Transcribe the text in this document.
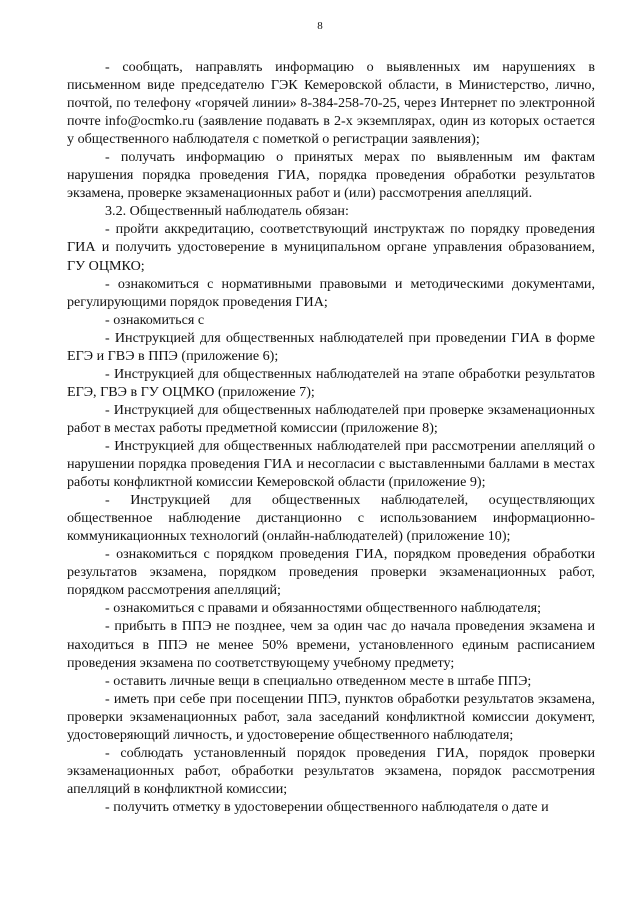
8

- сообщать, направлять информацию о выявленных им нарушениях в письменном виде председателю ГЭК Кемеровской области, в Министерство, лично, почтой, по телефону «горячей линии» 8-384-258-70-25, через Интернет по электронной почте info@ocmko.ru (заявление подавать в 2-х экземплярах, один из которых остается у общественного наблюдателя с пометкой о регистрации заявления);

- получать информацию о принятых мерах по выявленным им фактам нарушения порядка проведения ГИА, порядка проведения обработки результатов экзамена, проверке экзаменационных работ и (или) рассмотрения апелляций.

3.2. Общественный наблюдатель обязан:

- пройти аккредитацию, соответствующий инструктаж по порядку проведения ГИА и получить удостоверение в муниципальном органе управления образованием, ГУ ОЦМКО;

- ознакомиться с нормативными правовыми и методическими документами, регулирующими порядок проведения ГИА;

- ознакомиться с

- Инструкцией для общественных наблюдателей при проведении ГИА в форме ЕГЭ и ГВЭ в ППЭ (приложение 6);

- Инструкцией для общественных наблюдателей на этапе обработки результатов ЕГЭ, ГВЭ в ГУ ОЦМКО (приложение 7);

- Инструкцией для общественных наблюдателей при проверке экзаменационных работ в местах работы предметной комиссии (приложение 8);

- Инструкцией для общественных наблюдателей при рассмотрении апелляций о нарушении порядка проведения ГИА и несогласии с выставленными баллами в местах работы конфликтной комиссии Кемеровской области (приложение 9);

- Инструкцией для общественных наблюдателей, осуществляющих общественное наблюдение дистанционно с использованием информационно-коммуникационных технологий (онлайн-наблюдателей) (приложение 10);

- ознакомиться с порядком проведения ГИА, порядком проведения обработки результатов экзамена, порядком проведения проверки экзаменационных работ, порядком рассмотрения апелляций;

- ознакомиться с правами и обязанностями общественного наблюдателя;

- прибыть в ППЭ не позднее, чем за один час до начала проведения экзамена и находиться в ППЭ не менее 50% времени, установленного единым расписанием проведения экзамена по соответствующему учебному предмету;

- оставить личные вещи в специально отведенном месте в штабе ППЭ;

- иметь при себе при посещении ППЭ, пунктов обработки результатов экзамена, проверки экзаменационных работ, зала заседаний конфликтной комиссии документ, удостоверяющий личность, и удостоверение общественного наблюдателя;

- соблюдать установленный порядок проведения ГИА, порядок проверки экзаменационных работ, обработки результатов экзамена, порядок рассмотрения апелляций в конфликтной комиссии;

- получить отметку в удостоверении общественного наблюдателя о дате и
